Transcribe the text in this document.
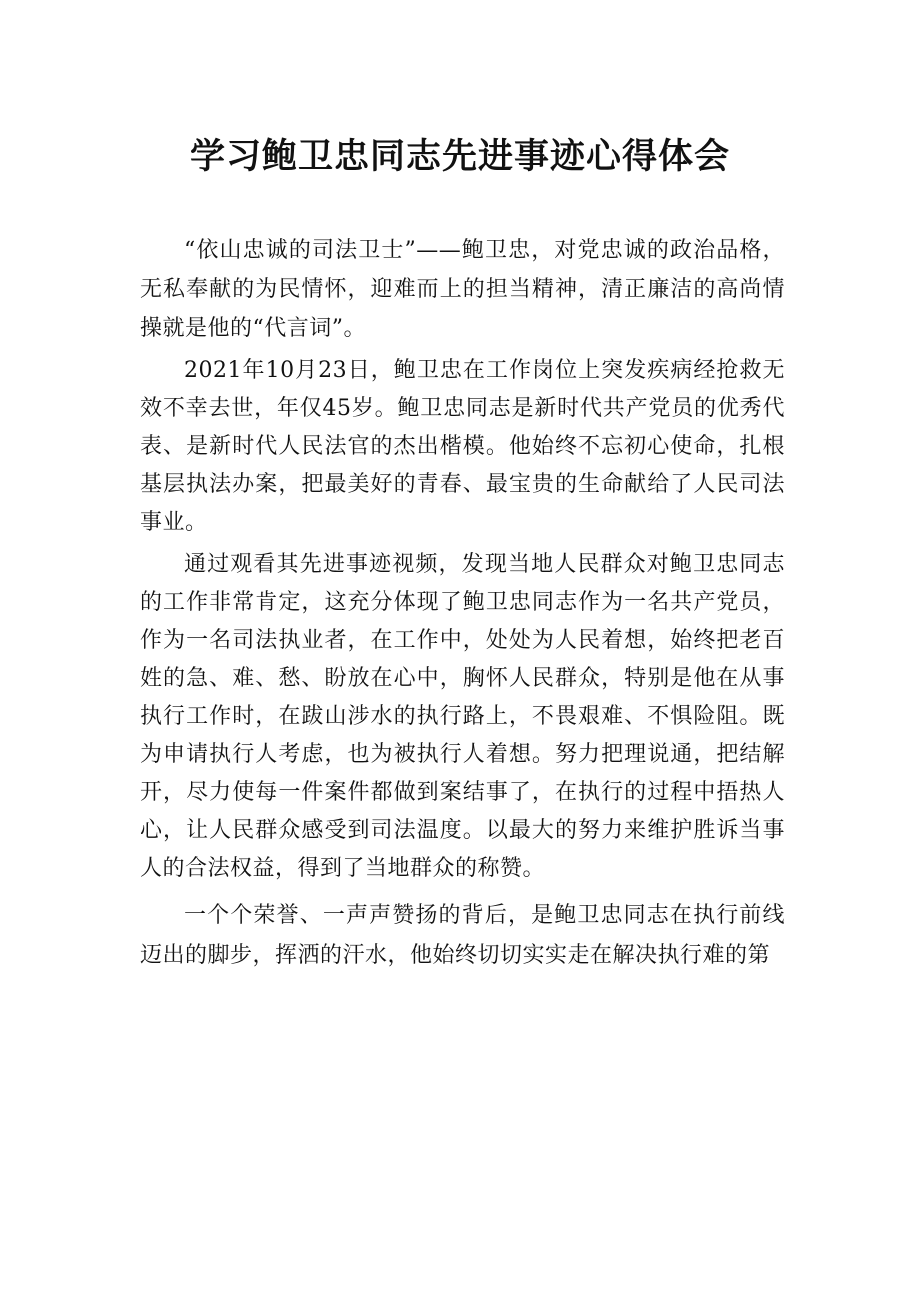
学习鲍卫忠同志先进事迹心得体会

“依山忠诚的司法卫士”——鲍卫忠，对党忠诚的政治品格，无私奉献的为民情怀，迎难而上的担当精神，清正廉洁的高尚情操就是他的“代言词”。

2021年10月23日，鲍卫忠在工作岗位上突发疾病经抢救无效不幸去世，年仅45岁。鲍卫忠同志是新时代共产党员的优秀代表、是新时代人民法官的杰出楷模。他始终不忘初心使命，扎根基层执法办案，把最美好的青春、最宝贵的生命献给了人民司法事业。

通过观看其先进事迹视频，发现当地人民群众对鲍卫忠同志的工作非常肯定，这充分体现了鲍卫忠同志作为一名共产党员，作为一名司法执业者，在工作中，处处为人民着想，始终把老百姓的急、难、愁、盼放在心中，胸怀人民群众，特别是他在从事执行工作时，在跋山涉水的执行路上，不畏艰难、不惧险阻。既为申请执行人考虑，也为被执行人着想。努力把理说通，把结解开，尽力使每一件案件都做到案结事了，在执行的过程中捂热人心，让人民群众感受到司法温度。以最大的努力来维护胜诉当事人的合法权益，得到了当地群众的称赞。

一个个荣誉、一声声赞扬的背后，是鲍卫忠同志在执行前线迈出的脚步，挥洒的汗水，他始终切切实实走在解决执行难的第
